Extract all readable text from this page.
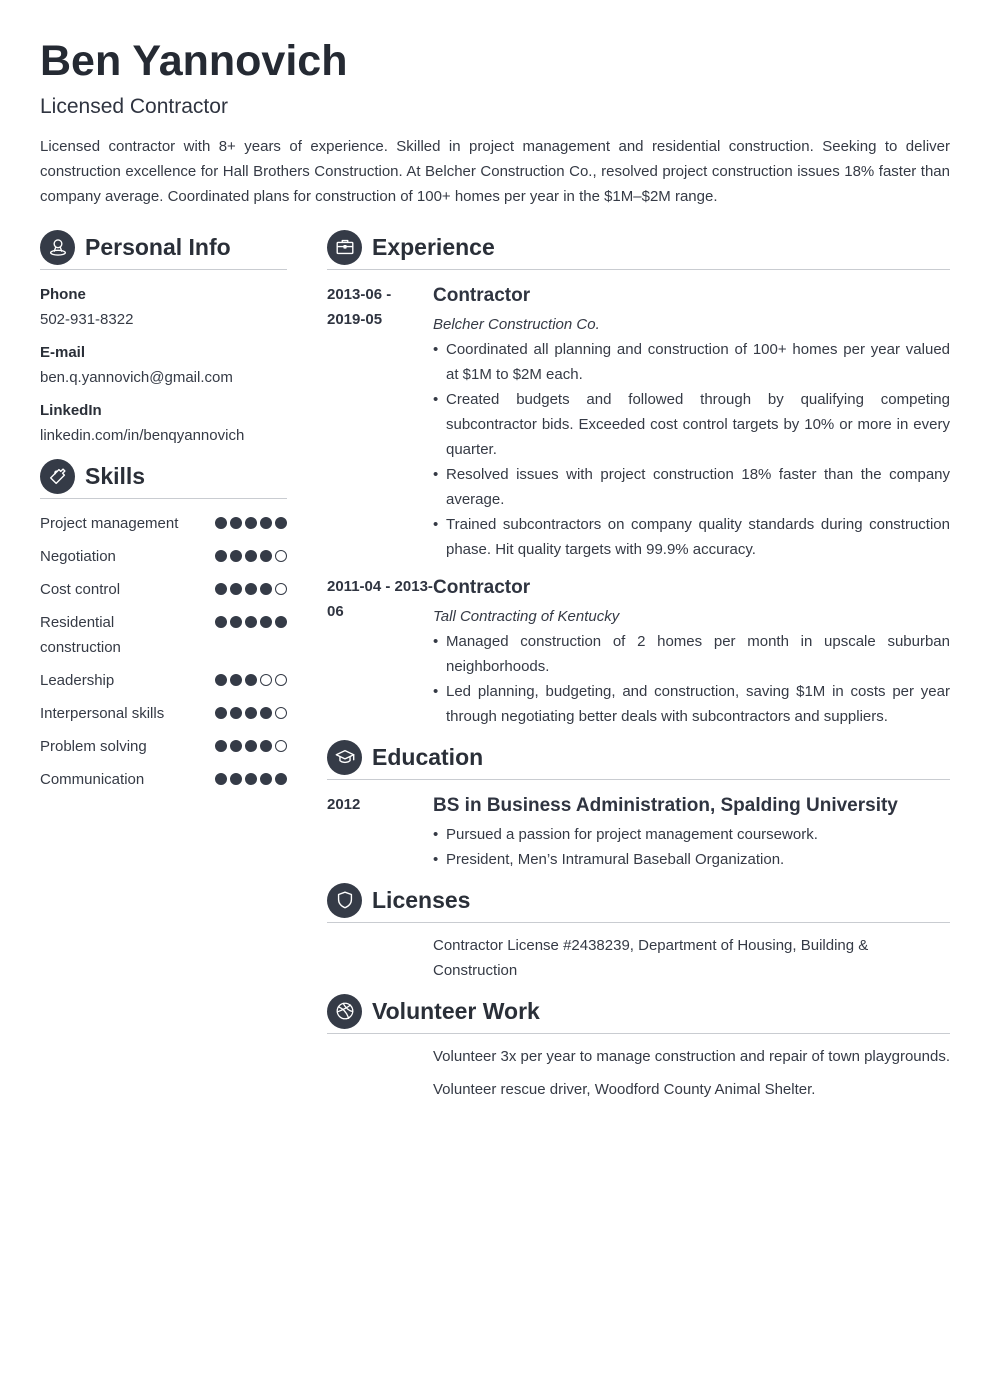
Ben Yannovich
Licensed Contractor
Licensed contractor with 8+ years of experience. Skilled in project management and residential construction. Seeking to deliver construction excellence for Hall Brothers Construction. At Belcher Construction Co., resolved project construction issues 18% faster than company average. Coordinated plans for construction of 100+ homes per year in the $1M–$2M range.
Personal Info
Phone
502-931-8322
E-mail
ben.q.yannovich@gmail.com
LinkedIn
linkedin.com/in/benqyannovich
Skills
Project management
Negotiation
Cost control
Residential construction
Leadership
Interpersonal skills
Problem solving
Communication
Experience
2013-06 - 2019-05
Contractor
Belcher Construction Co.
• Coordinated all planning and construction of 100+ homes per year valued at $1M to $2M each.
• Created budgets and followed through by qualifying competing subcontractor bids. Exceeded cost control targets by 10% or more in every quarter.
• Resolved issues with project construction 18% faster than the company average.
• Trained subcontractors on company quality standards during construction phase. Hit quality targets with 99.9% accuracy.
2011-04 - 2013-06
Contractor
Tall Contracting of Kentucky
• Managed construction of 2 homes per month in upscale suburban neighborhoods.
• Led planning, budgeting, and construction, saving $1M in costs per year through negotiating better deals with subcontractors and suppliers.
Education
2012	BS in Business Administration, Spalding University
• Pursued a passion for project management coursework.
• President, Men’s Intramural Baseball Organization.
Licenses

Contractor License #2438239, Department of Housing, Building & Construction

Volunteer Work

Volunteer 3x per year to manage construction and repair of town playgrounds.

Volunteer rescue driver, Woodford County Animal Shelter.
